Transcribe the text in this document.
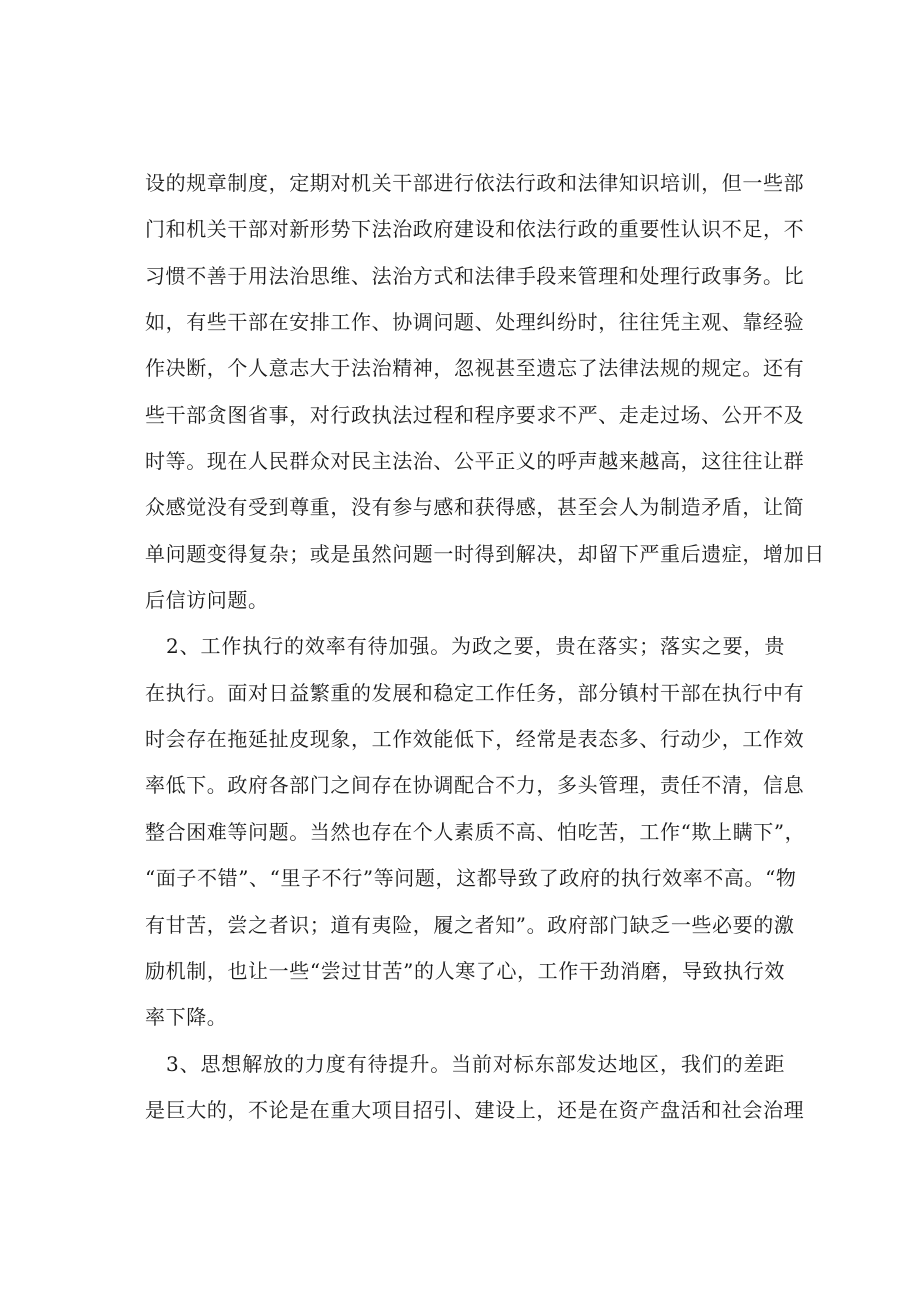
设的规章制度，定期对机关干部进行依法行政和法律知识培训，但一些部
门和机关干部对新形势下法治政府建设和依法行政的重要性认识不足，不
习惯不善于用法治思维、法治方式和法律手段来管理和处理行政事务。比
如，有些干部在安排工作、协调问题、处理纠纷时，往往凭主观、靠经验
作决断，个人意志大于法治精神，忽视甚至遗忘了法律法规的规定。还有
些干部贪图省事，对行政执法过程和程序要求不严、走走过场、公开不及
时等。现在人民群众对民主法治、公平正义的呼声越来越高，这往往让群
众感觉没有受到尊重，没有参与感和获得感，甚至会人为制造矛盾，让简
单问题变得复杂；或是虽然问题一时得到解决，却留下严重后遗症，增加日
后信访问题。
2、工作执行的效率有待加强。为政之要，贵在落实；落实之要，贵
在执行。面对日益繁重的发展和稳定工作任务，部分镇村干部在执行中有
时会存在拖延扯皮现象，工作效能低下，经常是表态多、行动少，工作效
率低下。政府各部门之间存在协调配合不力，多头管理，责任不清，信息
整合困难等问题。当然也存在个人素质不高、怕吃苦，工作“欺上瞒下”，
“面子不错”、“里子不行”等问题，这都导致了政府的执行效率不高。“物
有甘苦，尝之者识；道有夷险，履之者知”。政府部门缺乏一些必要的激
励机制，也让一些“尝过甘苦”的人寒了心，工作干劲消磨，导致执行效
率下降。
3、思想解放的力度有待提升。当前对标东部发达地区，我们的差距
是巨大的，不论是在重大项目招引、建设上，还是在资产盘活和社会治理
